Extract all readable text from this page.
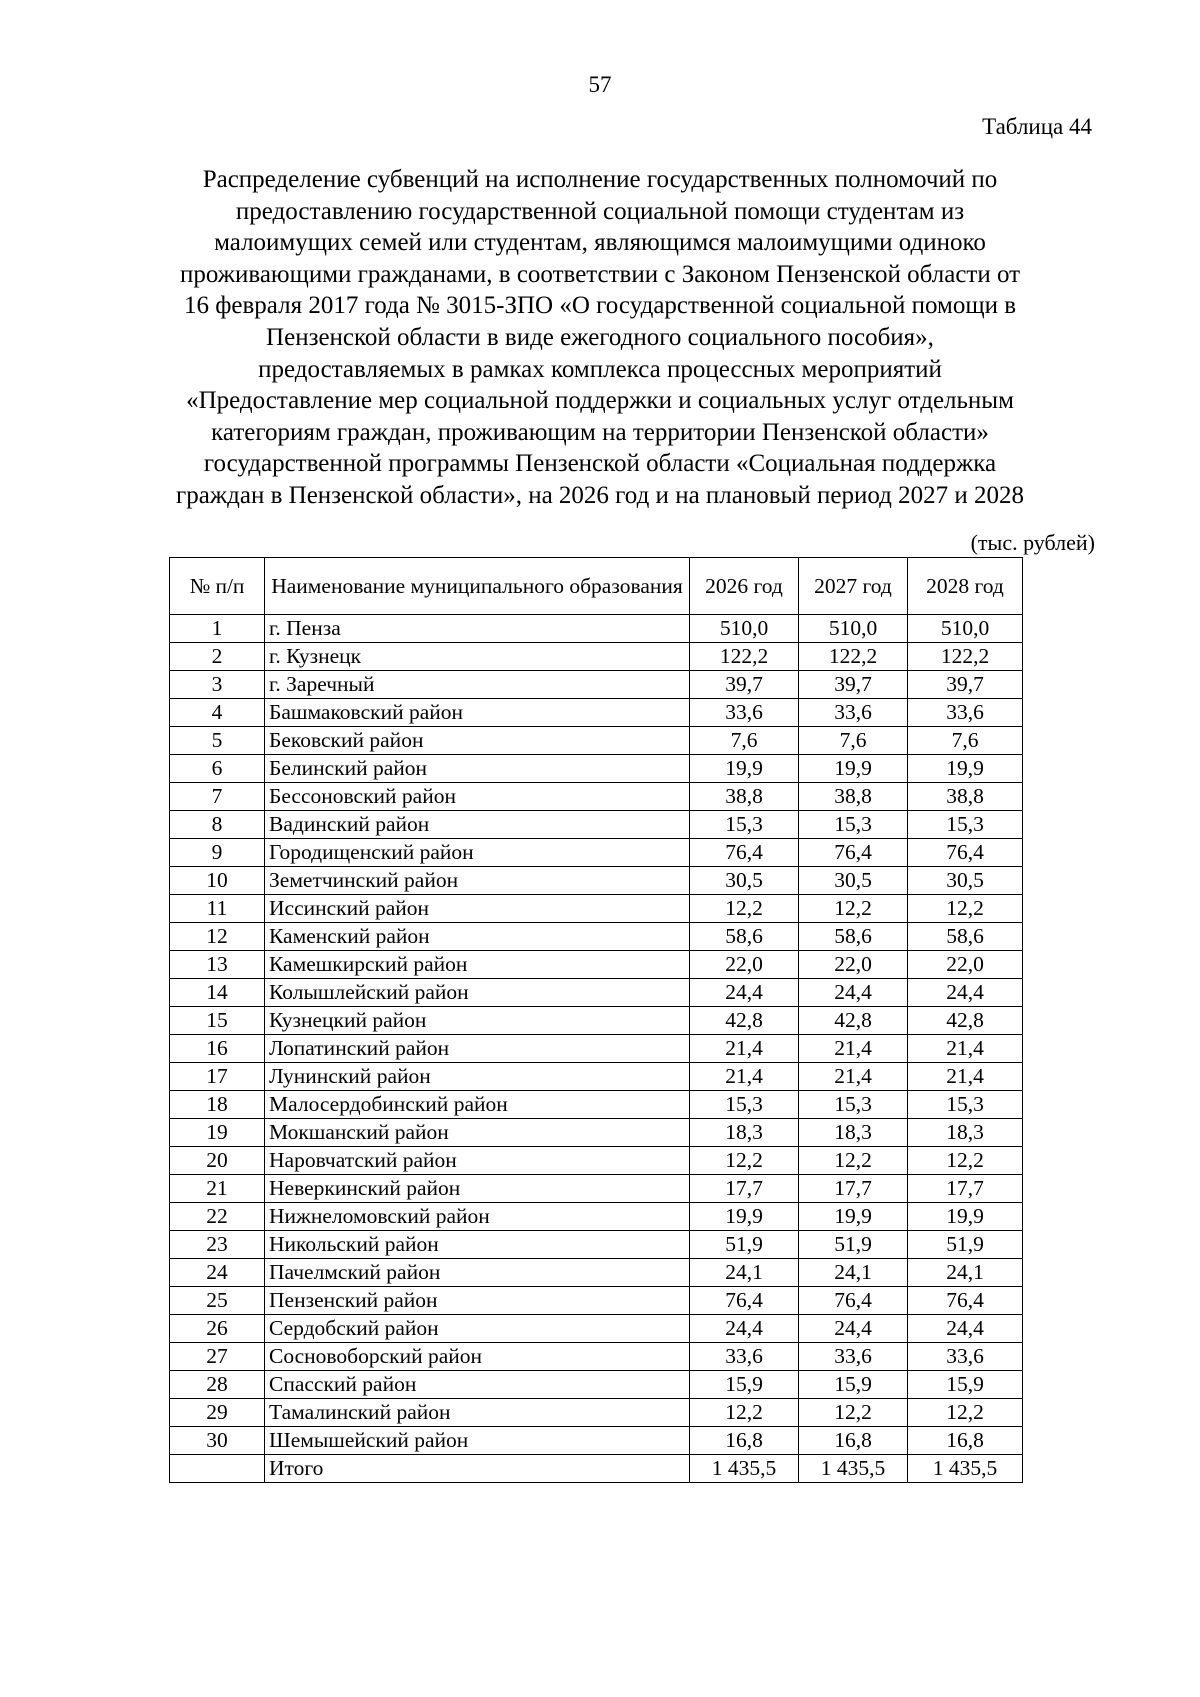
57
Таблица 44
Распределение субвенций на исполнение государственных полномочий по
предоставлению государственной социальной помощи студентам из
малоимущих семей или студентам, являющимся малоимущими одиноко
проживающими гражданами, в соответствии с Законом Пензенской области от
16 февраля 2017 года № 3015-ЗПО «О государственной социальной помощи в
Пензенской области в виде ежегодного социального пособия»,
предоставляемых в рамках комплекса процессных мероприятий
«Предоставление мер социальной поддержки и социальных услуг отдельным
категориям граждан, проживающим на территории Пензенской области»
государственной программы Пензенской области «Социальная поддержка
граждан в Пензенской области», на 2026 год и на плановый период 2027 и 2028
(тыс. рублей)
№ п/п	Наименование муниципального образования	2026 год	2027 год	2028 год
1	г. Пенза	510,0	510,0	510,0
2	г. Кузнецк	122,2	122,2	122,2
3	г. Заречный	39,7	39,7	39,7
4	Башмаковский район	33,6	33,6	33,6
5	Бековский район	7,6	7,6	7,6
6	Белинский район	19,9	19,9	19,9
7	Бессоновский район	38,8	38,8	38,8
8	Вадинский район	15,3	15,3	15,3
9	Городищенский район	76,4	76,4	76,4
10	Земетчинский район	30,5	30,5	30,5
11	Иссинский район	12,2	12,2	12,2
12	Каменский район	58,6	58,6	58,6
13	Камешкирский район	22,0	22,0	22,0
14	Колышлейский район	24,4	24,4	24,4
15	Кузнецкий район	42,8	42,8	42,8
16	Лопатинский район	21,4	21,4	21,4
17	Лунинский район	21,4	21,4	21,4
18	Малосердобинский район	15,3	15,3	15,3
19	Мокшанский район	18,3	18,3	18,3
20	Наровчатский район	12,2	12,2	12,2
21	Неверкинский район	17,7	17,7	17,7
22	Нижнеломовский район	19,9	19,9	19,9
23	Никольский район	51,9	51,9	51,9
24	Пачелмский район	24,1	24,1	24,1
25	Пензенский район	76,4	76,4	76,4
26	Сердобский район	24,4	24,4	24,4
27	Сосновоборский район	33,6	33,6	33,6
28	Спасский район	15,9	15,9	15,9
29	Тамалинский район	12,2	12,2	12,2
30	Шемышейский район	16,8	16,8	16,8
	Итого	1 435,5	1 435,5	1 435,5
